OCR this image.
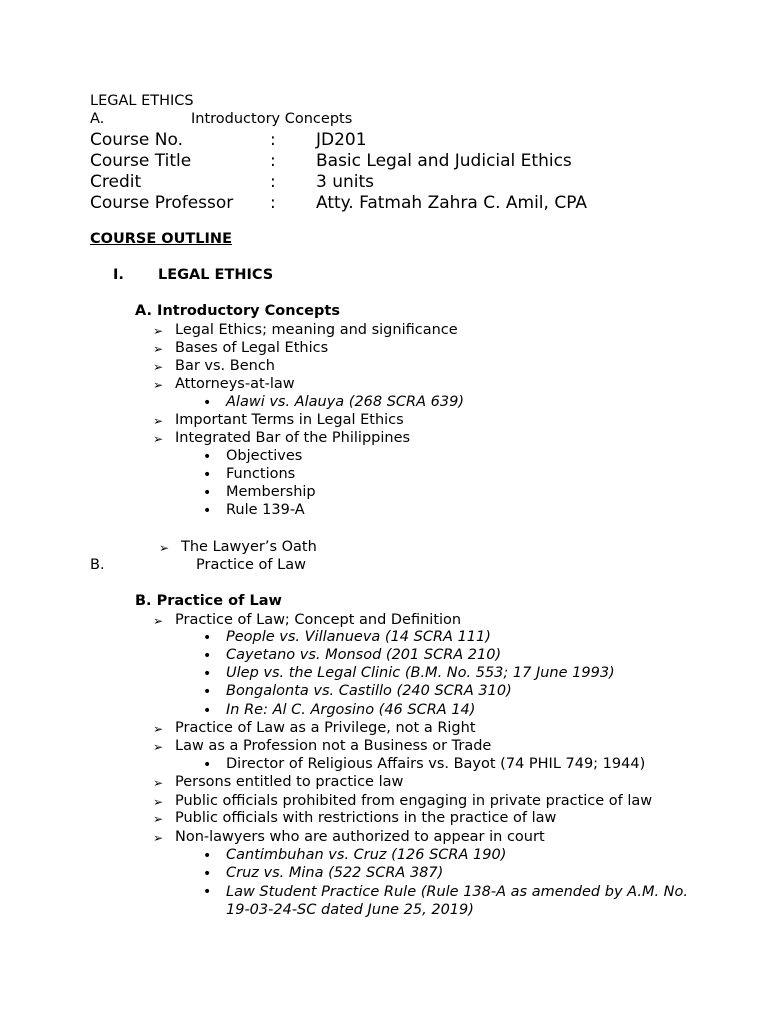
LEGAL ETHICS
A.	Introductory Concepts
Course No.	: JD201
Course Title	: Basic Legal and Judicial Ethics
Credit	: 3 units
Course Professor : Atty. Fatmah Zahra C. Amil, CPA
COURSE OUTLINE
I. LEGAL ETHICS
A. Introductory Concepts
➢ Legal Ethics; meaning and significance
➢ Bases of Legal Ethics
➢ Bar vs. Bench
➢ Attorneys-at-law
• Alawi vs. Alauya (268 SCRA 639)
➢ Important Terms in Legal Ethics
➢ Integrated Bar of the Philippines
• Objectives
• Functions
• Membership
• Rule 139-A
➢ The Lawyer’s Oath
B.	Practice of Law
B. Practice of Law
➢ Practice of Law; Concept and Definition
• People vs. Villanueva (14 SCRA 111)
• Cayetano vs. Monsod (201 SCRA 210)
• Ulep vs. the Legal Clinic (B.M. No. 553; 17 June 1993)
• Bongalonta vs. Castillo (240 SCRA 310)
• In Re: Al C. Argosino (46 SCRA 14)
➢ Practice of Law as a Privilege, not a Right
➢ Law as a Profession not a Business or Trade
• Director of Religious Affairs vs. Bayot (74 PHIL 749; 1944)
➢ Persons entitled to practice law
➢ Public officials prohibited from engaging in private practice of law
➢ Public officials with restrictions in the practice of law
➢ Non-lawyers who are authorized to appear in court
• Cantimbuhan vs. Cruz (126 SCRA 190)
• Cruz vs. Mina (522 SCRA 387)
• Law Student Practice Rule (Rule 138-A as amended by A.M. No. 19-03-24-SC dated June 25, 2019)
